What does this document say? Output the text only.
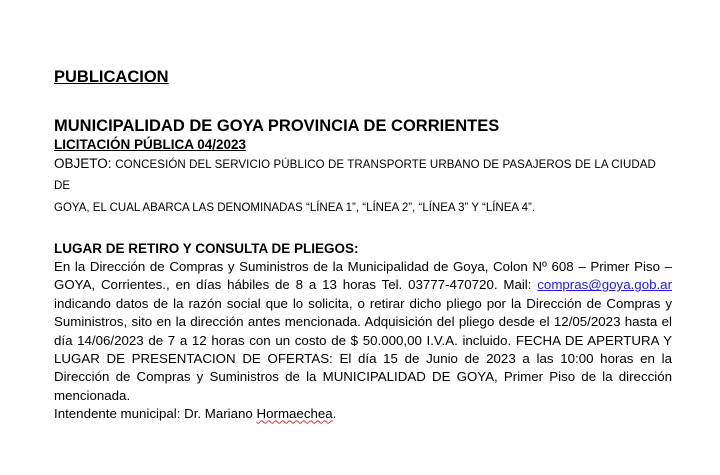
PUBLICACION

MUNICIPALIDAD DE GOYA PROVINCIA DE CORRIENTES

LICITACIÓN PÚBLICA 04/2023

OBJETO: CONCESIÓN DEL SERVICIO PÚBLICO DE TRANSPORTE URBANO DE PASAJEROS DE LA CIUDAD DE

GOYA, EL CUAL ABARCA LAS DENOMINADAS “LÍNEA 1”, “LÍNEA 2”, “LÍNEA 3” Y “LÍNEA 4”.

LUGAR DE RETIRO Y CONSULTA DE PLIEGOS:

En la Dirección de Compras y Suministros de la Municipalidad de Goya, Colon Nº 608 – Primer Piso – GOYA, Corrientes., en días hábiles de 8 a 13 horas Tel. 03777-470720. Mail: compras@goya.gob.ar indicando datos de la razón social que lo solicita, o retirar dicho pliego por la Dirección de Compras y Suministros, sito en la dirección antes mencionada. Adquisición del pliego desde el 12/05/2023 hasta el día 14/06/2023 de 7 a 12 horas con un costo de $ 50.000,00 I.V.A. incluido. FECHA DE APERTURA Y LUGAR DE PRESENTACION DE OFERTAS: El día 15 de Junio de 2023 a las 10:00 horas en la Dirección de Compras y Suministros de la MUNICIPALIDAD DE GOYA, Primer Piso de la dirección mencionada.

Intendente municipal: Dr. Mariano Hormaechea.
